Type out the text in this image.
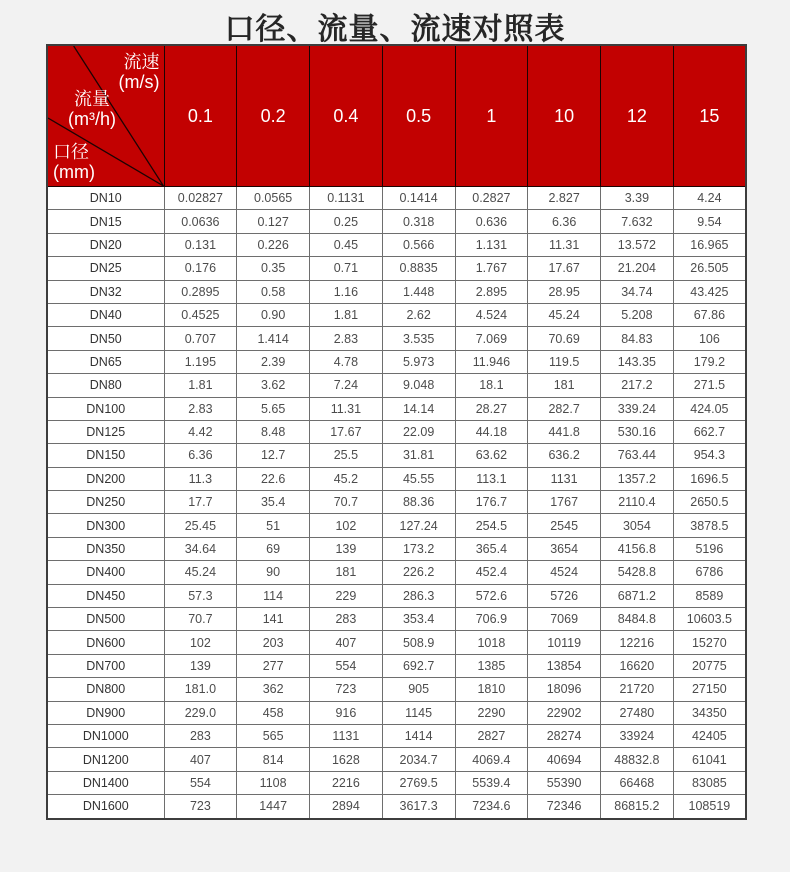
口径、流量、流速对照表
流速
(m/s)
流量
(m³/h)
口径
(mm)
	0.1	0.2	0.4	0.5	1	10	12	15
DN10	0.02827	0.0565	0.1131	0.1414	0.2827	2.827	3.39	4.24
DN15	0.0636	0.127	0.25	0.318	0.636	6.36	7.632	9.54
DN20	0.131	0.226	0.45	0.566	1.131	11.31	13.572	16.965
DN25	0.176	0.35	0.71	0.8835	1.767	17.67	21.204	26.505
DN32	0.2895	0.58	1.16	1.448	2.895	28.95	34.74	43.425
DN40	0.4525	0.90	1.81	2.62	4.524	45.24	5.208	67.86
DN50	0.707	1.414	2.83	3.535	7.069	70.69	84.83	106
DN65	1.195	2.39	4.78	5.973	11.946	119.5	143.35	179.2
DN80	1.81	3.62	7.24	9.048	18.1	181	217.2	271.5
DN100	2.83	5.65	11.31	14.14	28.27	282.7	339.24	424.05
DN125	4.42	8.48	17.67	22.09	44.18	441.8	530.16	662.7
DN150	6.36	12.7	25.5	31.81	63.62	636.2	763.44	954.3
DN200	11.3	22.6	45.2	45.55	113.1	1131	1357.2	1696.5
DN250	17.7	35.4	70.7	88.36	176.7	1767	2110.4	2650.5
DN300	25.45	51	102	127.24	254.5	2545	3054	3878.5
DN350	34.64	69	139	173.2	365.4	3654	4156.8	5196
DN400	45.24	90	181	226.2	452.4	4524	5428.8	6786
DN450	57.3	114	229	286.3	572.6	5726	6871.2	8589
DN500	70.7	141	283	353.4	706.9	7069	8484.8	10603.5
DN600	102	203	407	508.9	1018	10119	12216	15270
DN700	139	277	554	692.7	1385	13854	16620	20775
DN800	181.0	362	723	905	1810	18096	21720	27150
DN900	229.0	458	916	1145	2290	22902	27480	34350
DN1000	283	565	1131	1414	2827	28274	33924	42405
DN1200	407	814	1628	2034.7	4069.4	40694	48832.8	61041
DN1400	554	1108	2216	2769.5	5539.4	55390	66468	83085
DN1600	723	1447	2894	3617.3	7234.6	72346	86815.2	108519
